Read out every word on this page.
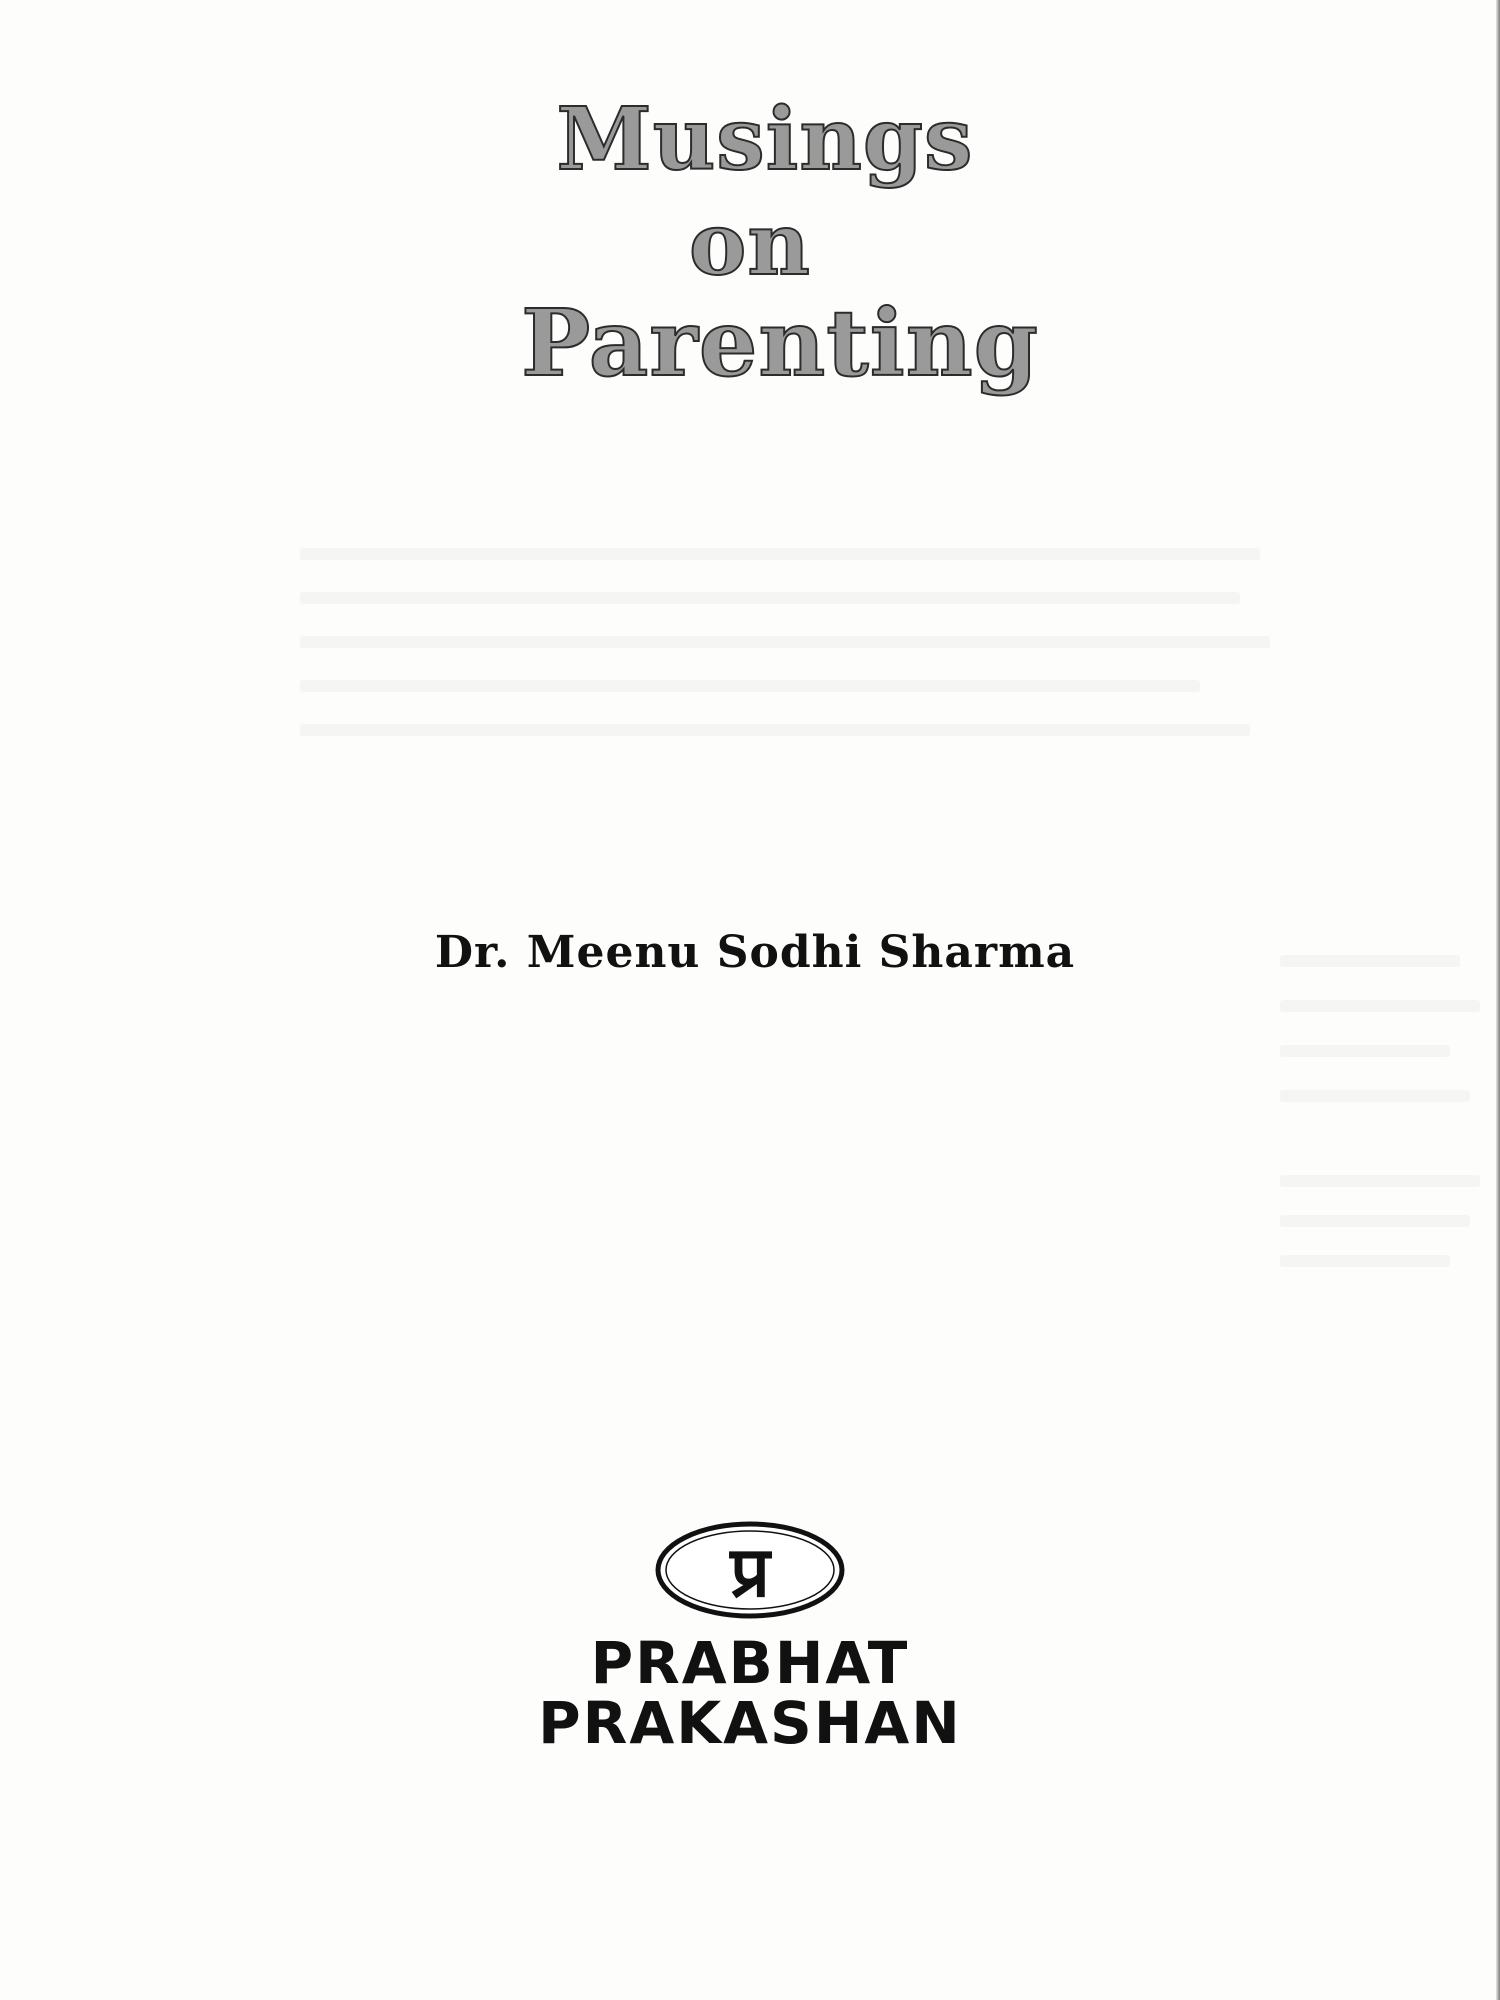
Musings
on
Parenting

Dr. Meenu Sodhi Sharma

प्र

PRABHAT

PRAKASHAN
